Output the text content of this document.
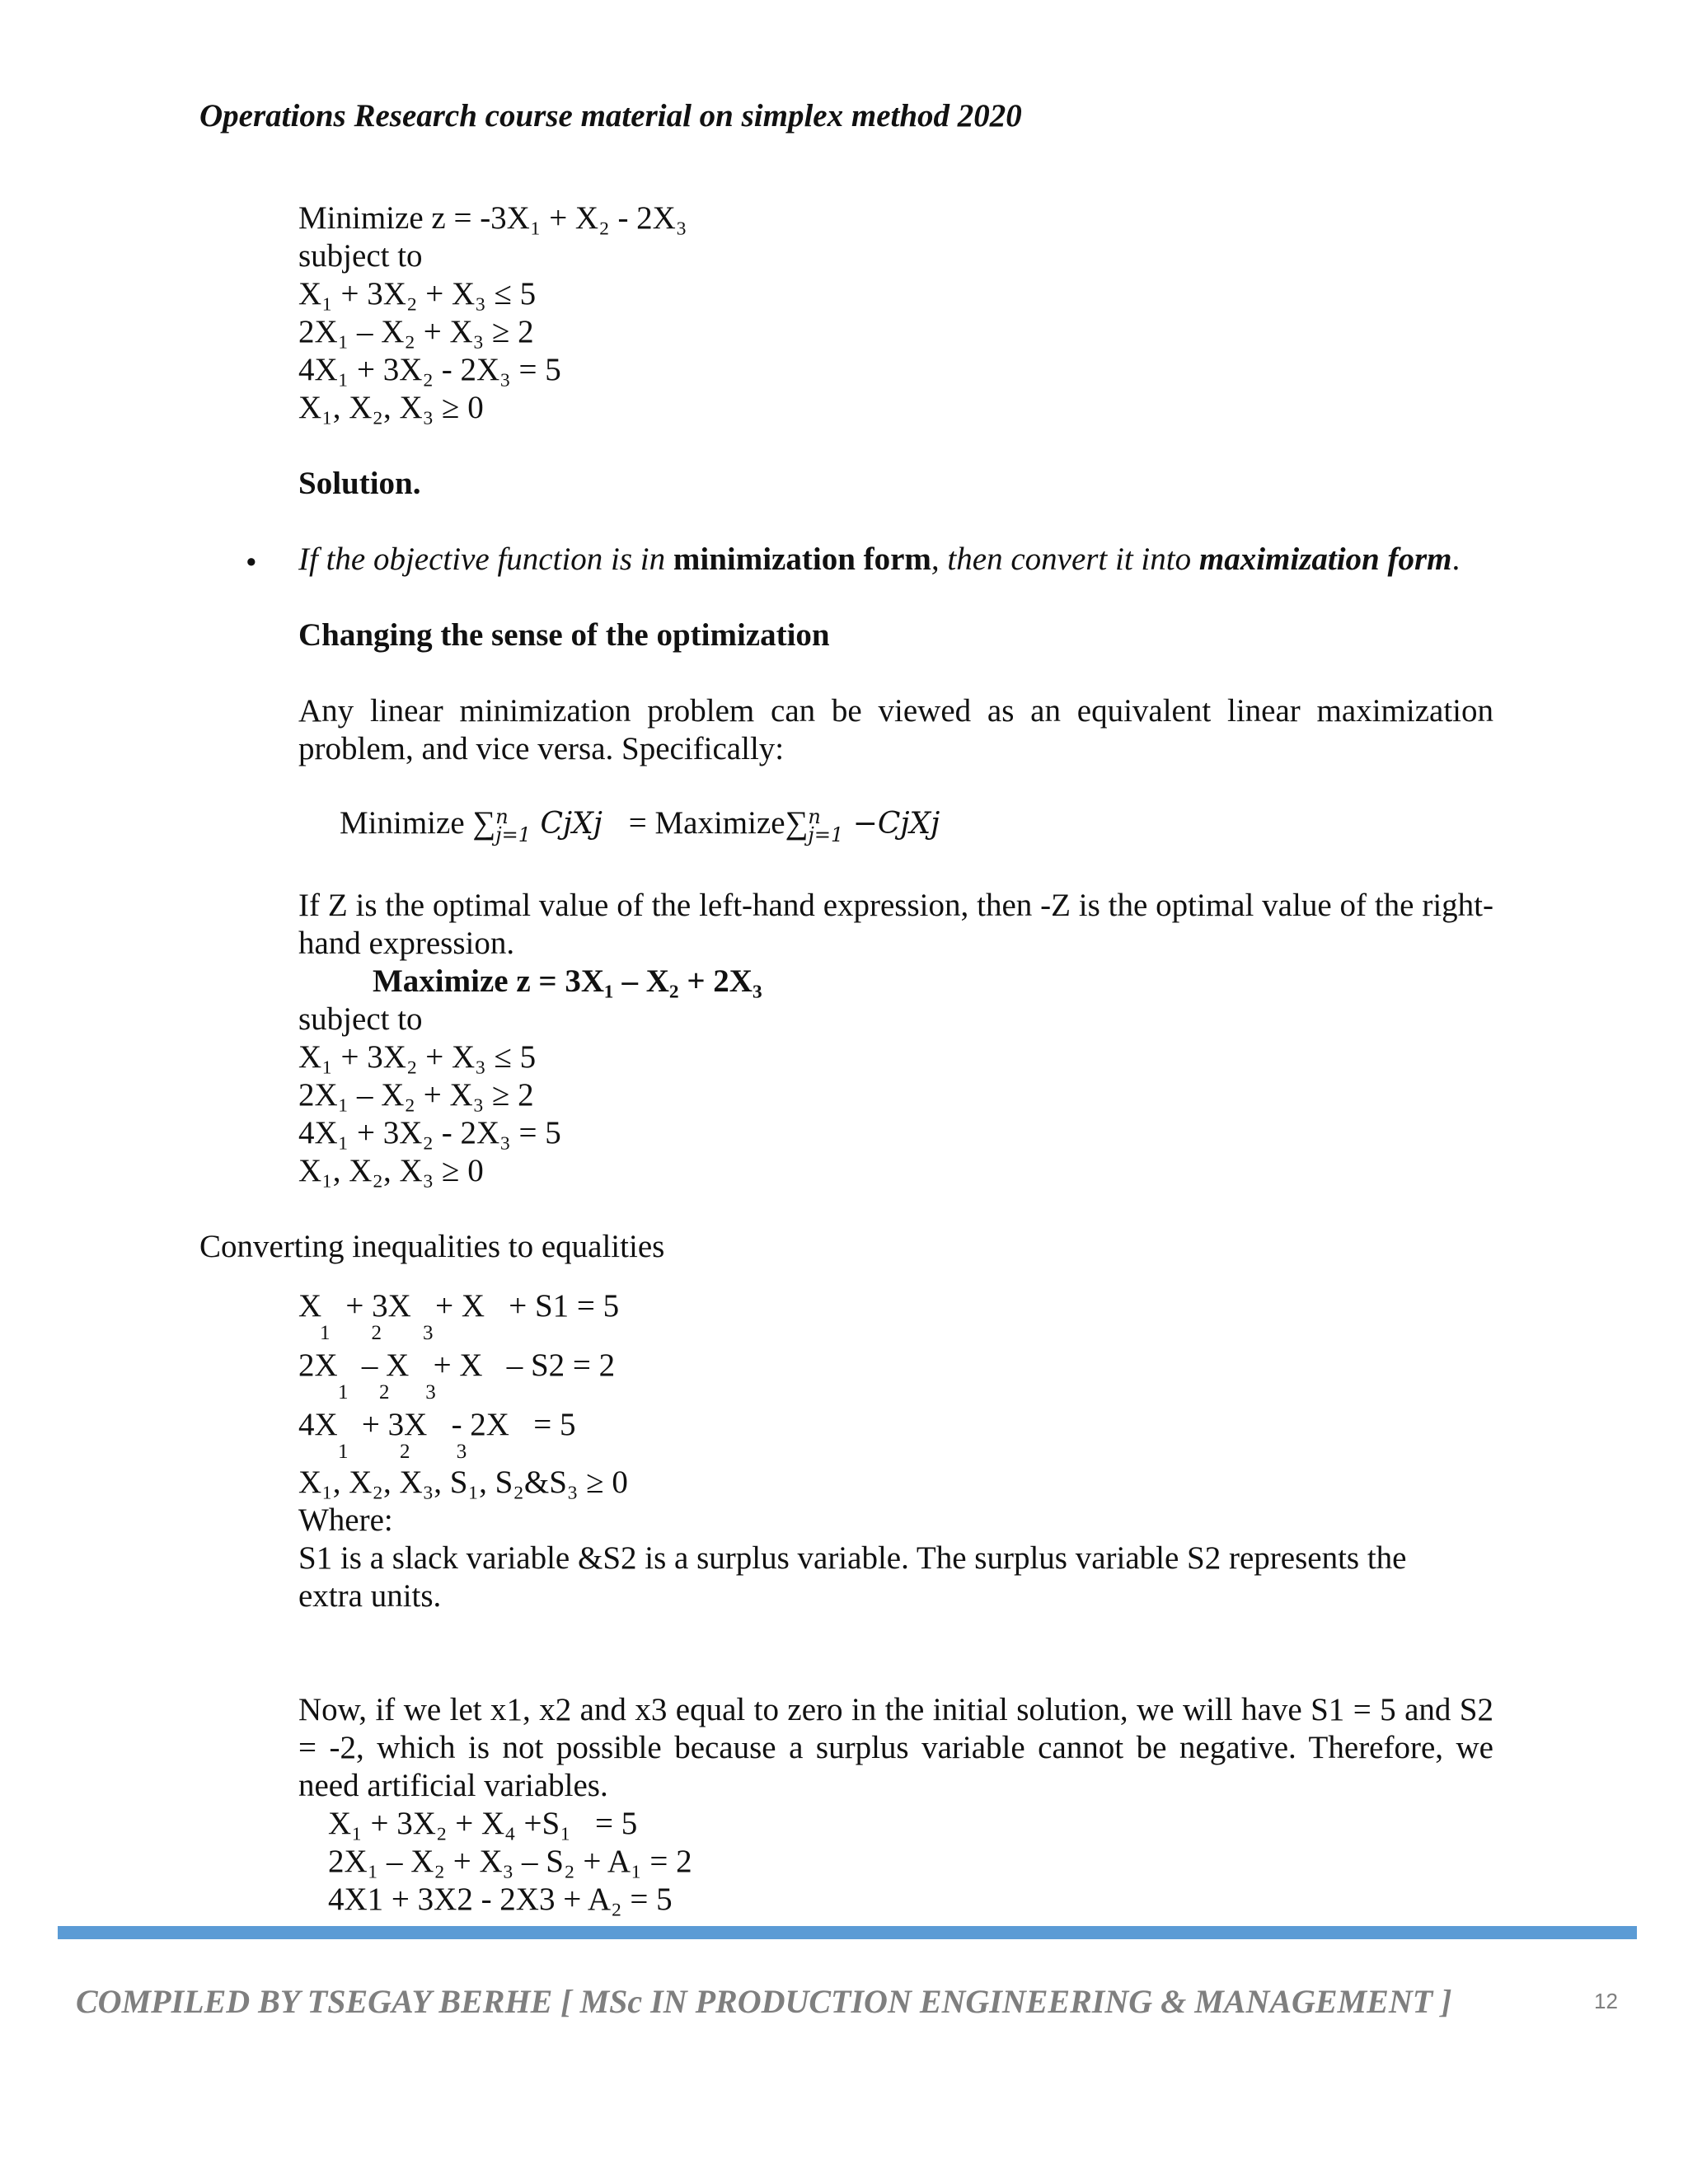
Operations Research course material on simplex method 2020
Minimize z = -3X₁ + X₂ - 2X₃
subject to
X₁ + 3X₂ + X₃ ≤ 5
2X₁ – X₂ + X₃ ≥ 2
4X₁ + 3X₂ - 2X₃ = 5
X₁, X₂, X₃ ≥ 0
Solution.
• If the objective function is in minimization form, then convert it into maximization form.
Changing the sense of the optimization
Any linear minimization problem can be viewed as an equivalent linear maximization problem, and vice versa. Specifically:
Minimize ∑ n
j=1 CjXj = Maximize∑ n
j=1 −CjXj
If Z is the optimal value of the left-hand expression, then -Z is the optimal value of the right-hand expression.
Maximize z = 3X₁ – X₂ + 2X₃
subject to
X₁ + 3X₂ + X₃ ≤ 5
2X₁ – X₂ + X₃ ≥ 2
4X₁ + 3X₂ - 2X₃ = 5
X₁, X₂, X₃ ≥ 0
Converting inequalities to equalities
X   + 3X   + X   + S1 = 5
1        2        3
2X   – X   + X   – S2 = 2
1      2       3
4X   + 3X   - 2X   = 5
1          2         3
X₁, X₂, X₃, S₁, S₂&S₃ ≥ 0
Where:
S1 is a slack variable &S2 is a surplus variable. The surplus variable S2 represents the extra units.
Now, if we let x1, x2 and x3 equal to zero in the initial solution, we will have S1 = 5 and S2 = -2, which is not possible because a surplus variable cannot be negative. Therefore, we need artificial variables.
X₁ + 3X₂ + X₄ +S₁   = 5
2X₁ – X₂ + X₃ – S₂ + A₁ = 2
4X1 + 3X2 - 2X3 + A₂ = 5
COMPILED BY TSEGAY BERHE [ MSc IN PRODUCTION ENGINEERING & MANAGEMENT ]	12
